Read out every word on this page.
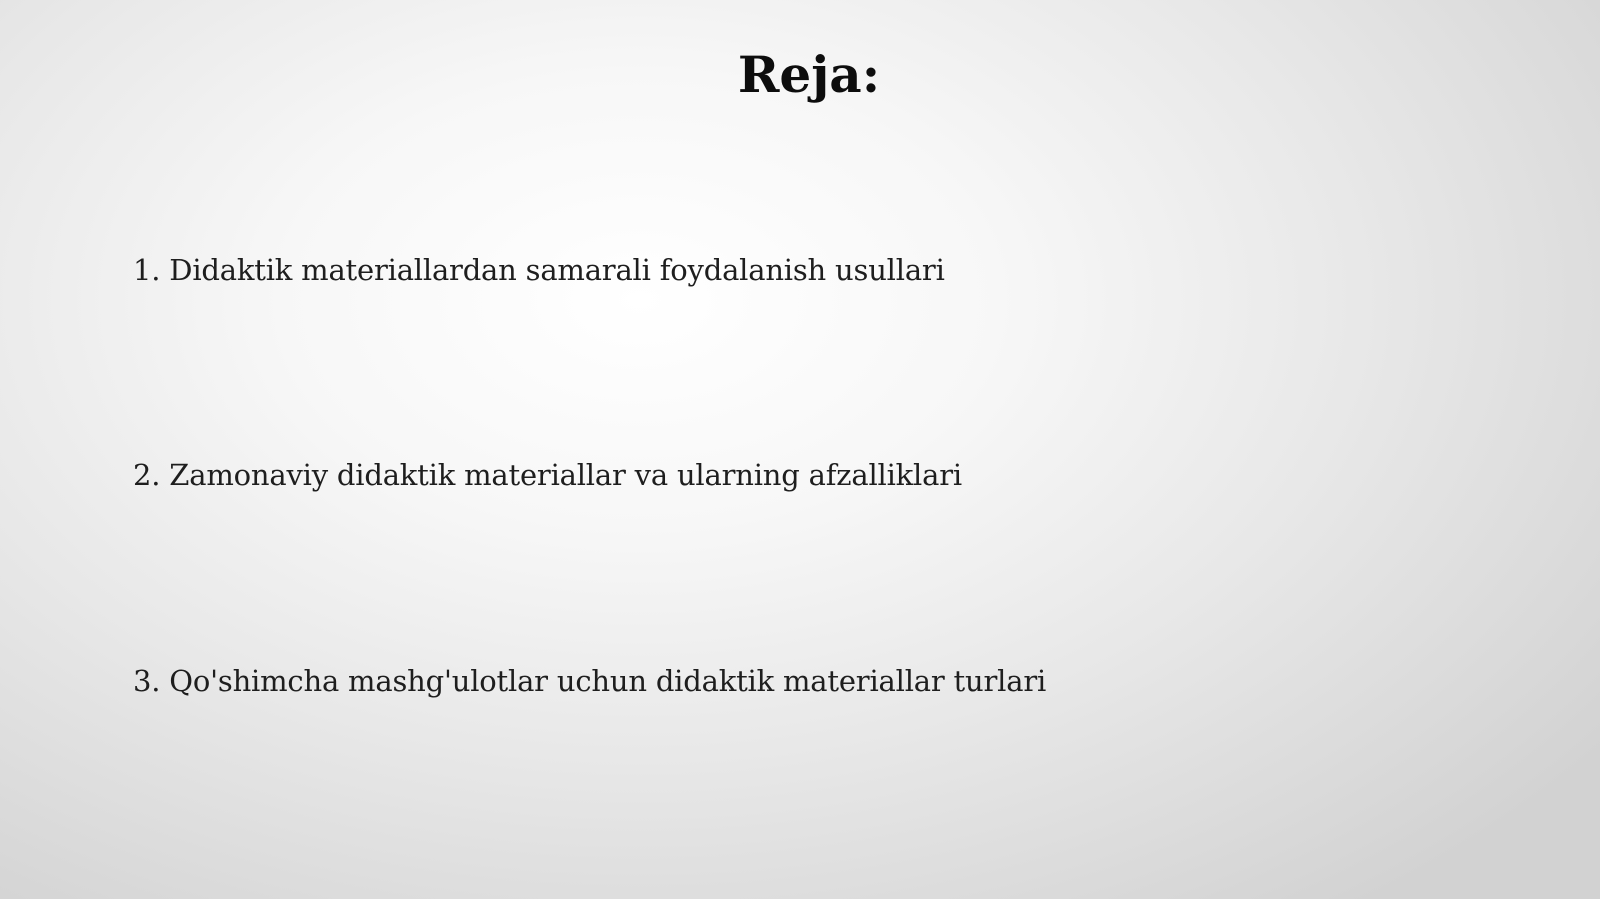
Reja:
1. Didaktik materiallardan samarali foydalanish usullari
2. Zamonaviy didaktik materiallar va ularning afzalliklari
3. Qo'shimcha mashg'ulotlar uchun didaktik materiallar turlari
